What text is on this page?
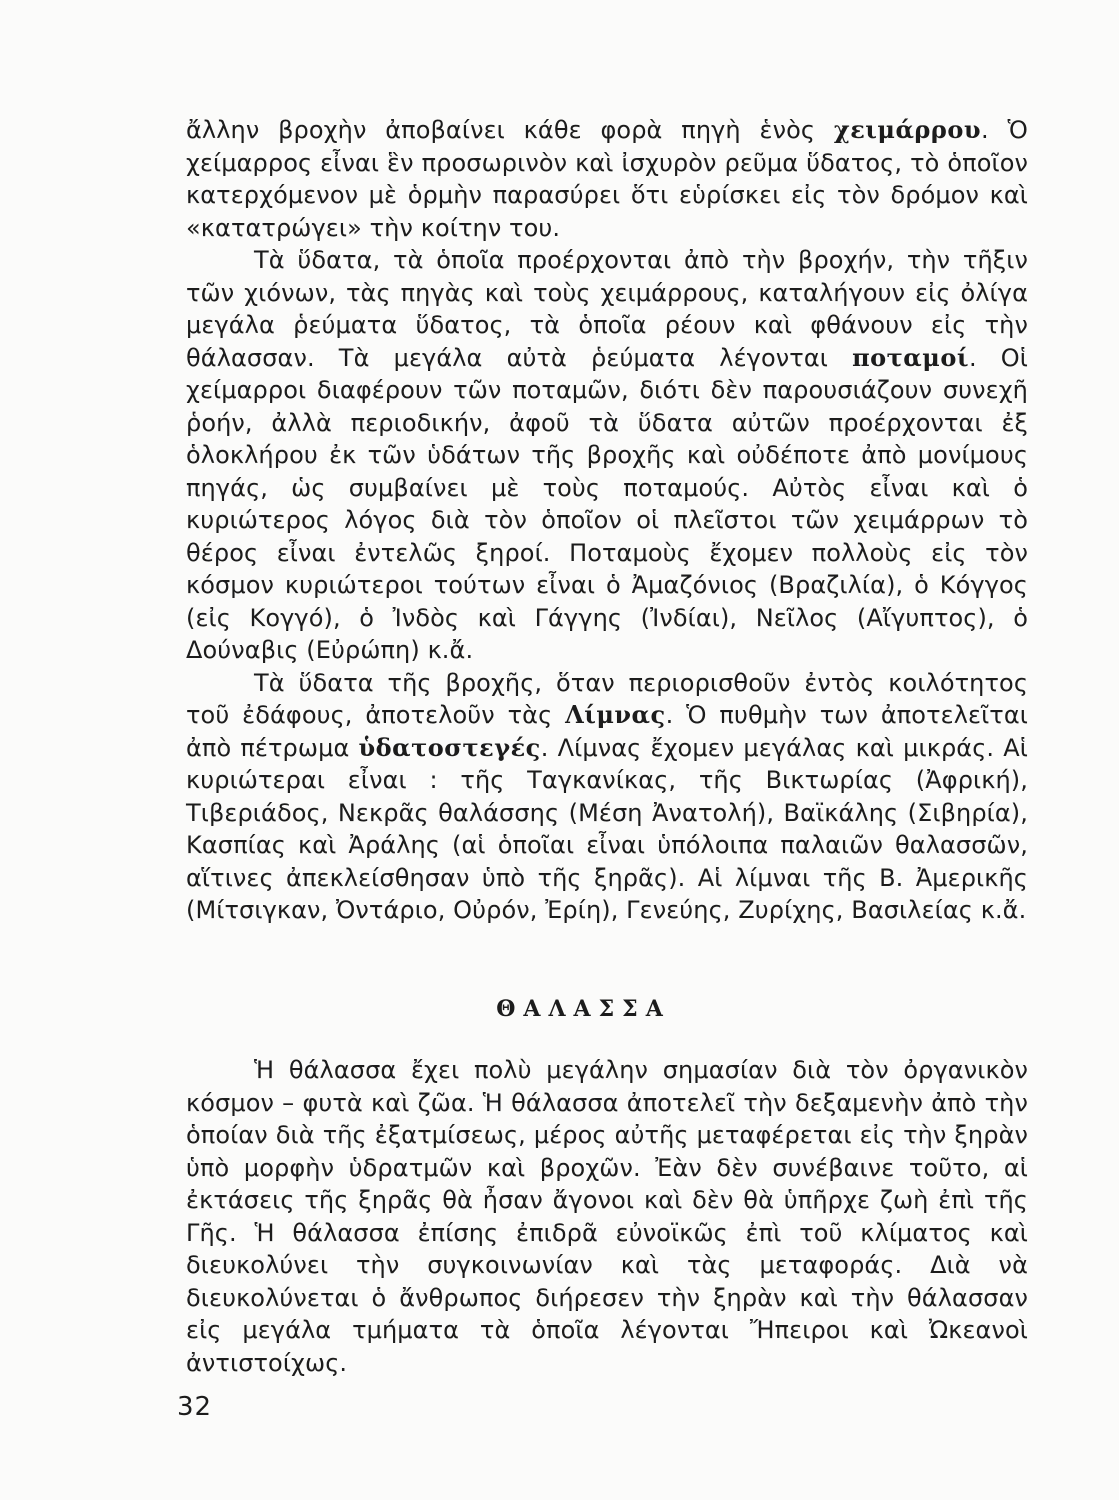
ἄλλην βροχὴν ἀποβαίνει κάθε φορὰ πηγὴ ἑνὸς χειμάρρου. Ὁ χείμαρρος εἶναι ἓν προσωρινὸν καὶ ἰσχυρὸν ρεῦμα ὕδατος, τὸ ὁποῖον κατερχόμενον μὲ ὁρμὴν παρασύρει ὅτι εὑρίσκει εἰς τὸν δρόμον καὶ «κατατρώγει» τὴν κοίτην του.

Τὰ ὕδατα, τὰ ὁποῖα προέρχονται ἀπὸ τὴν βροχήν, τὴν τῆξιν τῶν χιόνων, τὰς πηγὰς καὶ τοὺς χειμάρρους, καταλήγουν εἰς ὀλίγα μεγάλα ῥεύματα ὕδατος, τὰ ὁποῖα ρέουν καὶ φθάνουν εἰς τὴν θάλασσαν. Τὰ μεγάλα αὐτὰ ῥεύματα λέγονται ποταμοί. Οἱ χείμαρροι διαφέρουν τῶν ποταμῶν, διότι δὲν παρουσιάζουν συνεχῆ ῥοήν, ἀλλὰ περιοδικήν, ἀφοῦ τὰ ὕδατα αὐτῶν προέρχονται ἐξ ὁλοκλήρου ἐκ τῶν ὑδάτων τῆς βροχῆς καὶ οὐδέποτε ἀπὸ μονίμους πηγάς, ὡς συμβαίνει μὲ τοὺς ποταμούς. Αὐτὸς εἶναι καὶ ὁ κυριώτερος λόγος διὰ τὸν ὁποῖον οἱ πλεῖστοι τῶν χειμάρρων τὸ θέρος εἶναι ἐντελῶς ξηροί. Ποταμοὺς ἔχομεν πολλοὺς εἰς τὸν κόσμον κυριώτεροι τούτων εἶναι ὁ Ἀμαζόνιος (Βραζιλία), ὁ Κόγγος (εἰς Κογγό), ὁ Ἰνδὸς καὶ Γάγγης (Ἰνδίαι), Νεῖλος (Αἴγυπτος), ὁ Δούναβις (Εὐρώπη) κ.ἄ.

Τὰ ὕδατα τῆς βροχῆς, ὅταν περιορισθοῦν ἐντὸς κοιλότητος τοῦ ἐδάφους, ἀποτελοῦν τὰς Λίμνας. Ὁ πυθμὴν των ἀποτελεῖται ἀπὸ πέτρωμα ὑδατοστεγές. Λίμνας ἔχομεν μεγάλας καὶ μικράς. Αἱ κυριώτεραι εἶναι : τῆς Ταγκανίκας, τῆς Βικτωρίας (Ἀφρική), Τιβεριάδος, Νεκρᾶς θαλάσσης (Μέση Ἀνατολή), Βαϊκάλης (Σιβηρία), Κασπίας καὶ Ἀράλης (αἱ ὁποῖαι εἶναι ὑπόλοιπα παλαιῶν θαλασσῶν, αἵτινες ἀπεκλείσθησαν ὑπὸ τῆς ξηρᾶς). Αἱ λίμναι τῆς Β. Ἀμερικῆς (Μίτσιγκαν, Ὀντάριο, Οὐρόν, Ἐρίη), Γενεύης, Ζυρίχης, Βασιλείας κ.ἄ.

ΘΑΛΑΣΣΑ

Ἡ θάλασσα ἔχει πολὺ μεγάλην σημασίαν διὰ τὸν ὀργανικὸν κόσμον – φυτὰ καὶ ζῶα. Ἡ θάλασσα ἀποτελεῖ τὴν δεξαμενὴν ἀπὸ τὴν ὁποίαν διὰ τῆς ἐξατμίσεως, μέρος αὐτῆς μεταφέρεται εἰς τὴν ξηρὰν ὑπὸ μορφὴν ὑδρατμῶν καὶ βροχῶν. Ἐὰν δὲν συνέβαινε τοῦτο, αἱ ἐκτάσεις τῆς ξηρᾶς θὰ ἦσαν ἄγονοι καὶ δὲν θὰ ὑπῆρχε ζωὴ ἐπὶ τῆς Γῆς. Ἡ θάλασσα ἐπίσης ἐπιδρᾶ εὐνοϊκῶς ἐπὶ τοῦ κλίματος καὶ διευκολύνει τὴν συγκοινωνίαν καὶ τὰς μεταφοράς. Διὰ νὰ διευκολύνεται ὁ ἄνθρωπος διήρεσεν τὴν ξηρὰν καὶ τὴν θάλασσαν εἰς μεγάλα τμήματα τὰ ὁποῖα λέγονται Ἤπειροι καὶ Ὠκεανοὶ ἀντιστοίχως.

32
